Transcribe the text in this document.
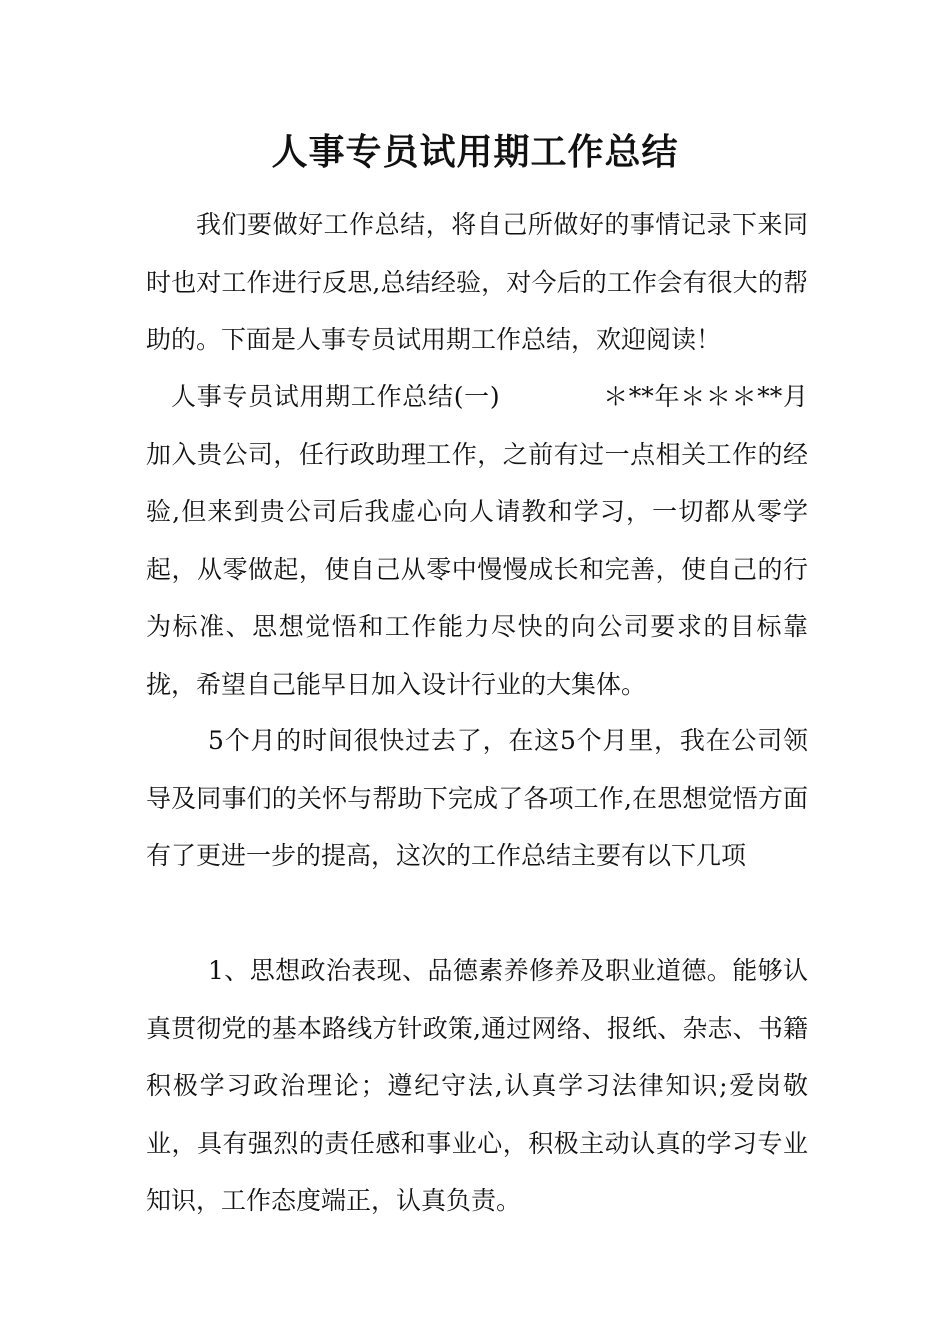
人事专员试用期工作总结

我们要做好工作总结，将自己所做好的事情记录下来同时也对工作进行反思,总结经验，对今后的工作会有很大的帮助的。下面是人事专员试用期工作总结，欢迎阅读！

人事专员试用期工作总结(一)　　　　＊**年＊＊＊**月加入贵公司，任行政助理工作，之前有过一点相关工作的经验,但来到贵公司后我虚心向人请教和学习，一切都从零学起，从零做起，使自己从零中慢慢成长和完善，使自己的行为标准、思想觉悟和工作能力尽快的向公司要求的目标靠拢，希望自己能早日加入设计行业的大集体。

5个月的时间很快过去了，在这5个月里，我在公司领导及同事们的关怀与帮助下完成了各项工作,在思想觉悟方面有了更进一步的提高，这次的工作总结主要有以下几项

1、思想政治表现、品德素养修养及职业道德。能够认真贯彻党的基本路线方针政策,通过网络、报纸、杂志、书籍积极学习政治理论；遵纪守法,认真学习法律知识;爱岗敬业，具有强烈的责任感和事业心，积极主动认真的学习专业知识，工作态度端正，认真负责。
